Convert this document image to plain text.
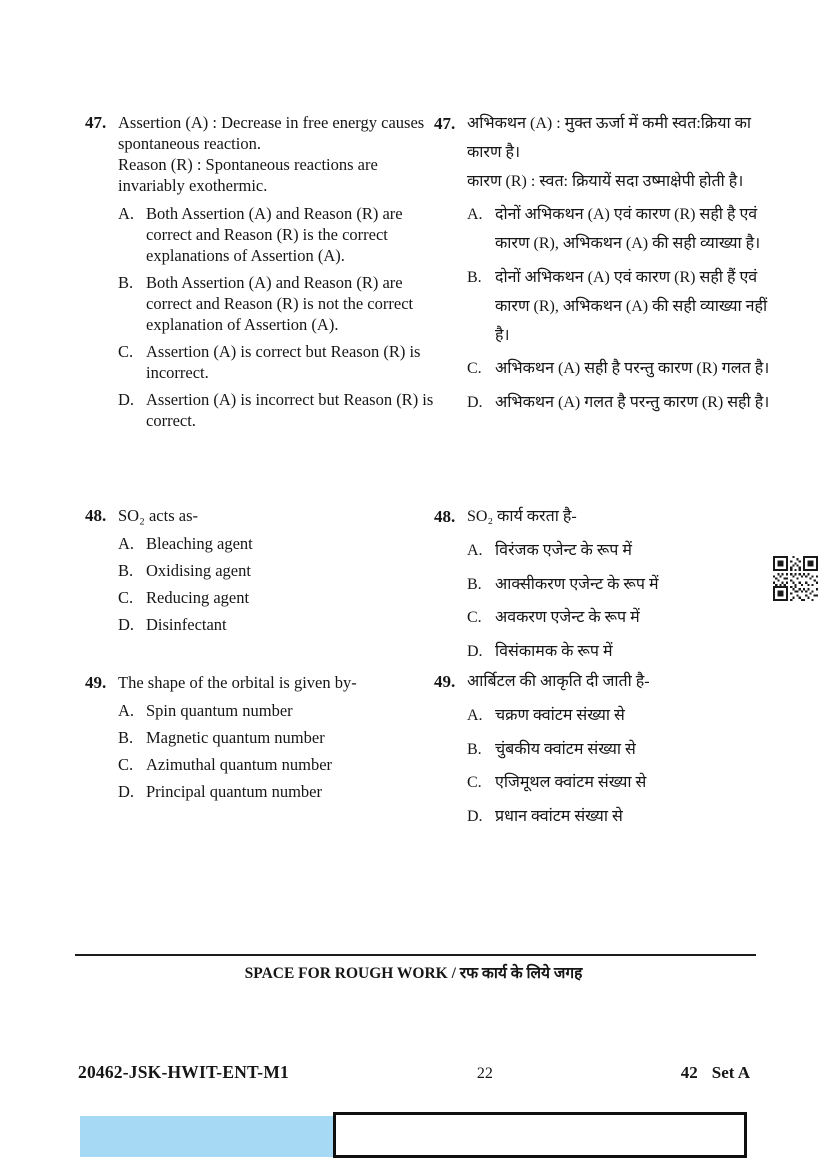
47. Assertion (A) : Decrease in free energy causes spontaneous reaction.

Reason (R) : Spontaneous reactions are invariably exothermic.

A. Both Assertion (A) and Reason (R) are correct and Reason (R) is the correct explanations of Assertion (A).
B. Both Assertion (A) and Reason (R) are correct and Reason (R) is not the correct explanation of Assertion (A).
C. Assertion (A) is correct but Reason (R) is incorrect.
D. Assertion (A) is incorrect but Reason (R) is correct.
47. अभिकथन (A) : मुक्त ऊर्जा में कमी स्वत:क्रिया का कारण है।

कारण (R) : स्वत: क्रियायें सदा उष्माक्षेपी होती है।

A. दोनों अभिकथन (A) एवं कारण (R) सही है एवं कारण (R), अभिकथन (A) की सही व्याख्या है।
B. दोनों अभिकथन (A) एवं कारण (R) सही हैं एवं कारण (R), अभिकथन (A) की सही व्याख्या नहीं है।
C. अभिकथन (A) सही है परन्तु कारण (R) गलत है।
D. अभिकथन (A) गलत है परन्तु कारण (R) सही है।
48. SO₂ acts as-

A. Bleaching agent
B. Oxidising agent
C. Reducing agent
D. Disinfectant
48. SO₂ कार्य करता है-

A. विरंजक एजेन्ट के रूप में
B. आक्सीकरण एजेन्ट के रूप में
C. अवकरण एजेन्ट के रूप में
D. विसंकामक के रूप में
49. The shape of the orbital is given by-

A. Spin quantum number
B. Magnetic quantum number
C. Azimuthal quantum number
D. Principal quantum number
49. आर्बिटल की आकृति दी जाती है-

A. चक्रण क्वांटम संख्या से
B. चुंबकीय क्वांटम संख्या से
C. एजिमूथल क्वांटम संख्या से
D. प्रधान क्वांटम संख्या से
SPACE FOR ROUGH WORK / रफ कार्य के लिये जगह
20462-JSK-HWIT-ENT-M1	22	42 Set A
